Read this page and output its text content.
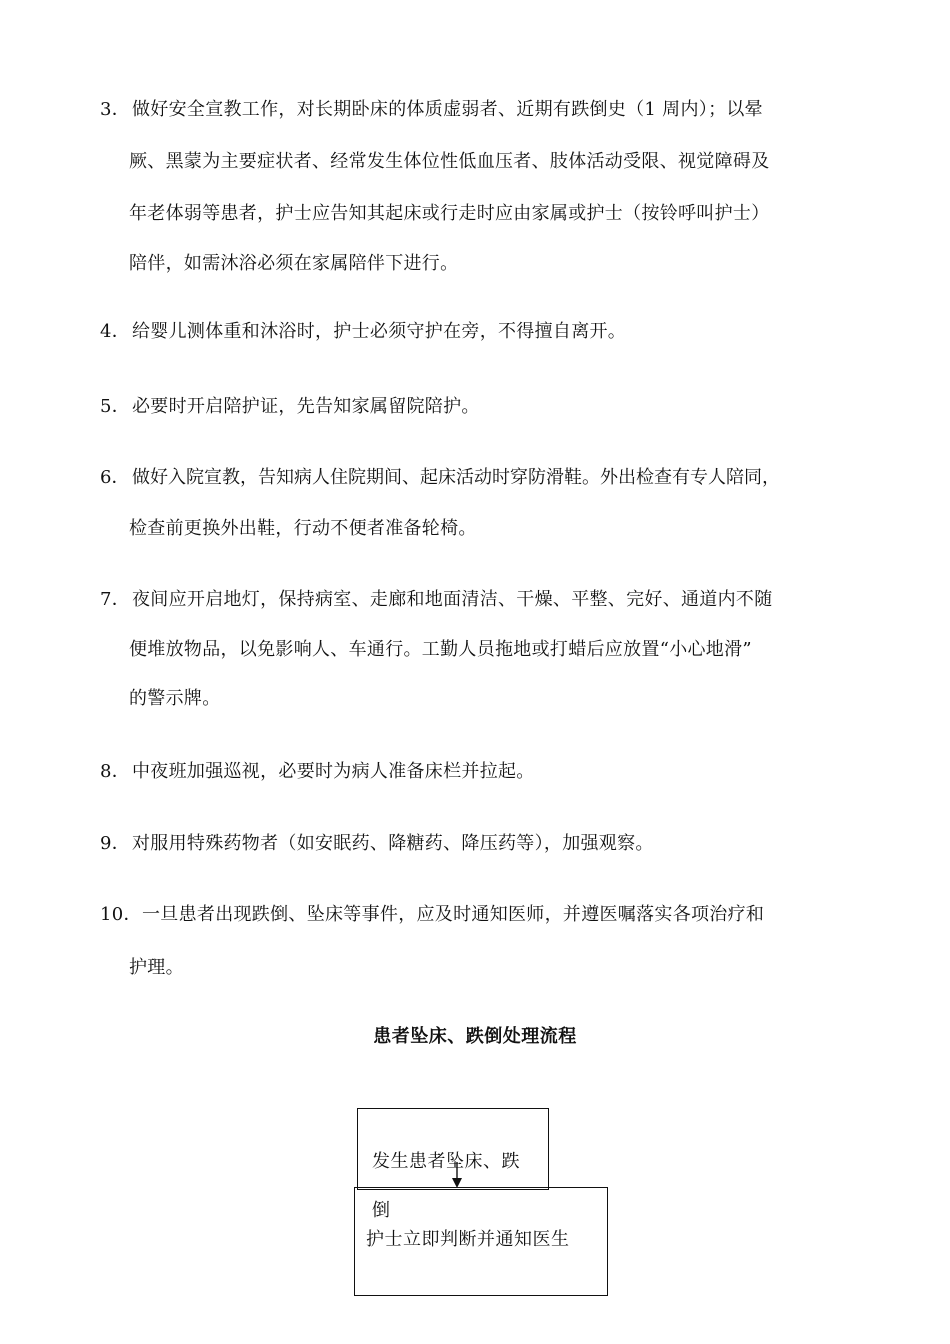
3． 做好安全宣教工作，对长期卧床的体质虚弱者、近期有跌倒史（1 周内）；以晕
厥、黑蒙为主要症状者、经常发生体位性低血压者、肢体活动受限、视觉障碍及
年老体弱等患者，护士应告知其起床或行走时应由家属或护士（按铃呼叫护士）
陪伴，如需沐浴必须在家属陪伴下进行。
4． 给婴儿测体重和沐浴时，护士必须守护在旁，不得擅自离开。
5． 必要时开启陪护证，先告知家属留院陪护。
6． 做好入院宣教，告知病人住院期间、起床活动时穿防滑鞋。外出检查有专人陪同，
检查前更换外出鞋，行动不便者准备轮椅。
7． 夜间应开启地灯，保持病室、走廊和地面清洁、干燥、平整、完好、通道内不随
便堆放物品，以免影响人、车通行。工勤人员拖地或打蜡后应放置“小心地滑”
的警示牌。
8． 中夜班加强巡视，必要时为病人准备床栏并拉起。
9． 对服用特殊药物者（如安眠药、降糖药、降压药等），加强观察。
10．一旦患者出现跌倒、坠床等事件，应及时通知医师，并遵医嘱落实各项治疗和
护理。
患者坠床、跌倒处理流程
发生患者坠床、跌
倒
护士立即判断并通知医生
